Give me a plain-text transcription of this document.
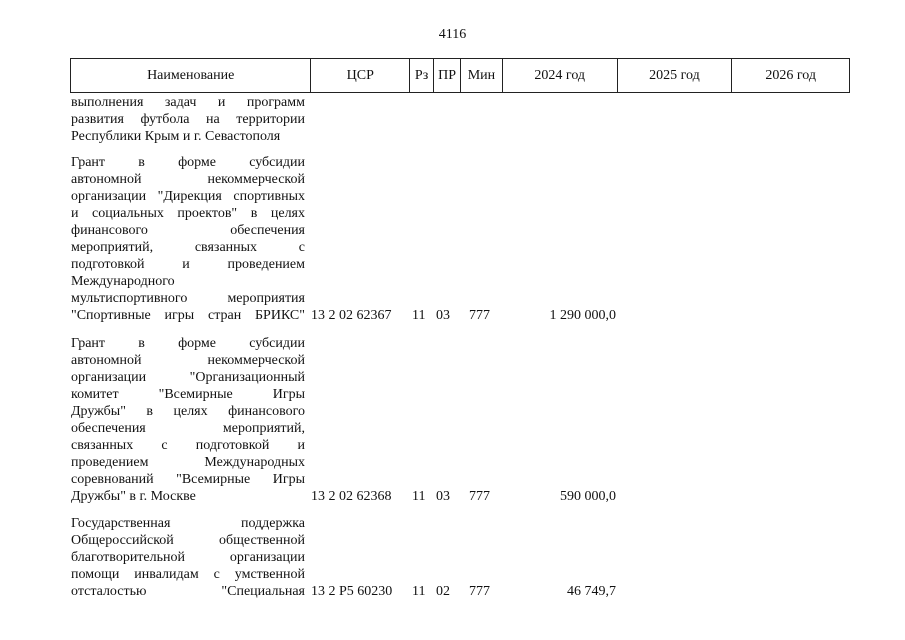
4116
Наименование	ЦСР	Рз ПР Мин	2024 год	2025 год	2026 год
выполнения задач и программ
развития футбола на территории
Республики Крым и г. Севастополя
Грант в форме субсидии
автономной некоммерческой
организации "Дирекция спортивных
и социальных проектов" в целях
финансового обеспечения
мероприятий, связанных с
подготовкой и проведением
Международного
мультиспортивного мероприятия
"Спортивные игры стран БРИКС" 13 2 02 62367 11 03 777	1 290 000,0
Грант в форме субсидии
автономной некоммерческой
организации "Организационный
комитет "Всемирные Игры
Дружбы" в целях финансового
обеспечения мероприятий,
связанных с подготовкой и
проведением Международных
соревнований "Всемирные Игры
Дружбы" в г. Москве	13 2 02 62368 11 03 777	590 000,0
Государственная поддержка
Общероссийской общественной
благотворительной организации
помощи инвалидам с умственной
отсталостью "Специальная 13 2 P5 60230 11 02 777	46 749,7
